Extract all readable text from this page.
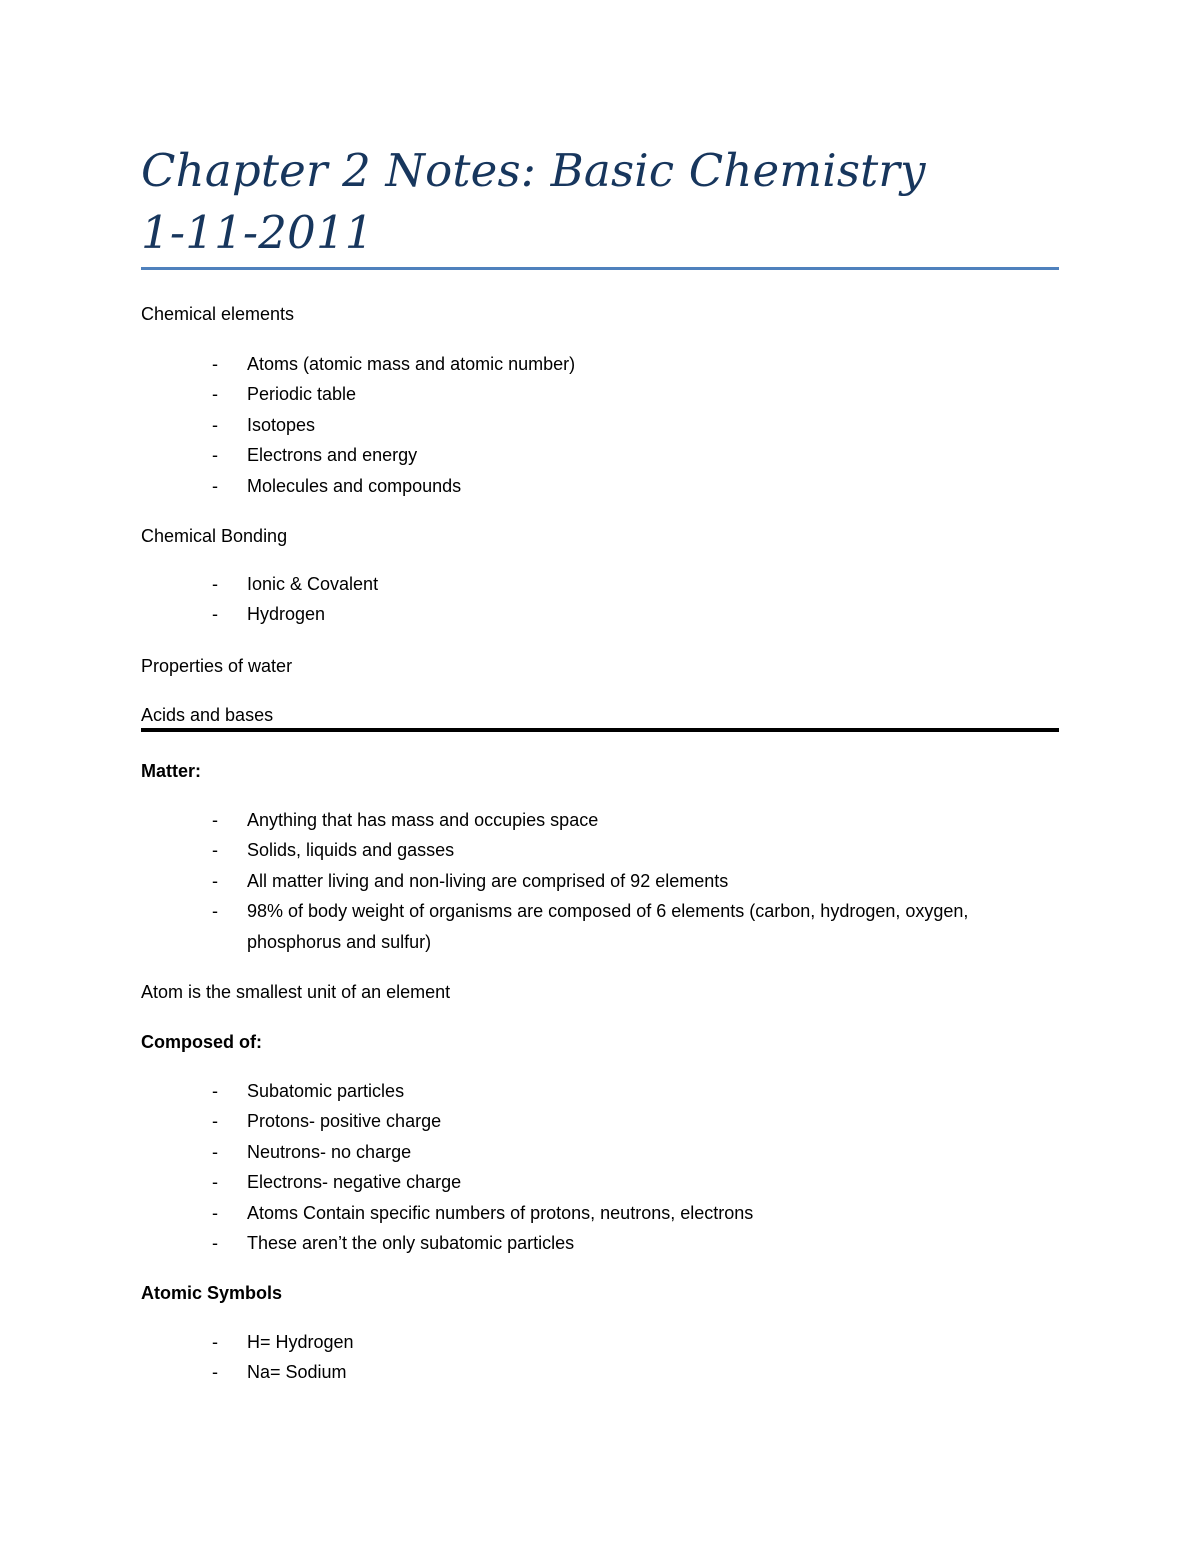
Chapter 2 Notes: Basic Chemistry
1-11-2011

Chemical elements

- Atoms (atomic mass and atomic number)
- Periodic table
- Isotopes
- Electrons and energy
- Molecules and compounds

Chemical Bonding

- Ionic & Covalent
- Hydrogen

Properties of water

Acids and bases

Matter:

- Anything that has mass and occupies space
- Solids, liquids and gasses
- All matter living and non-living are comprised of 92 elements
- 98% of body weight of organisms are composed of 6 elements (carbon, hydrogen, oxygen, phosphorus and sulfur)

Atom is the smallest unit of an element

Composed of:

- Subatomic particles
- Protons- positive charge
- Neutrons- no charge
- Electrons- negative charge
- Atoms Contain specific numbers of protons, neutrons, electrons
- These aren’t the only subatomic particles

Atomic Symbols

- H= Hydrogen
- Na= Sodium
